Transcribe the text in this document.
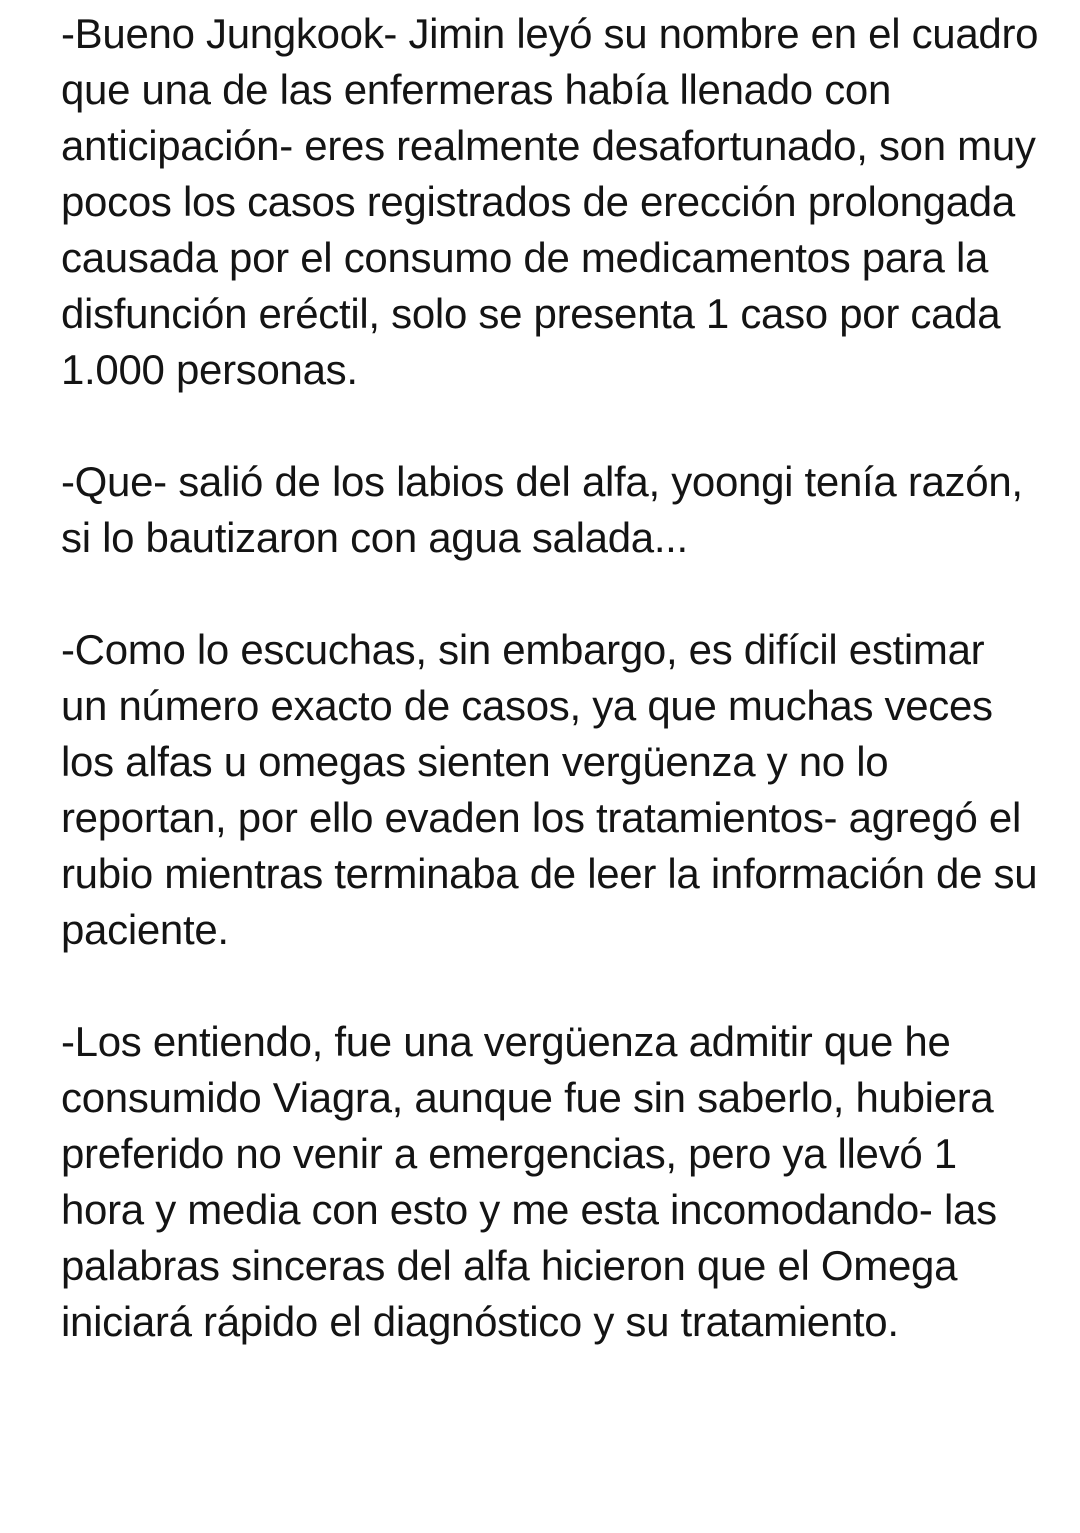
-Bueno Jungkook- Jimin leyó su nombre en el cuadro que una de las enfermeras había llenado con anticipación- eres realmente desafortunado, son muy pocos los casos registrados de erección prolongada causada por el consumo de medicamentos para la disfunción eréctil, solo se presenta 1 caso por cada 1.000 personas.

-Que- salió de los labios del alfa, yoongi tenía razón, si lo bautizaron con agua salada...

-Como lo escuchas, sin embargo, es difícil estimar un número exacto de casos, ya que muchas veces los alfas u omegas sienten vergüenza y no lo reportan, por ello evaden los tratamientos- agregó el rubio mientras terminaba de leer la información de su paciente.

-Los entiendo, fue una vergüenza admitir que he consumido Viagra, aunque fue sin saberlo, hubiera preferido no venir a emergencias, pero ya llevó 1 hora y media con esto y me esta incomodando- las palabras sinceras del alfa hicieron que el Omega iniciará rápido el diagnóstico y su tratamiento.
